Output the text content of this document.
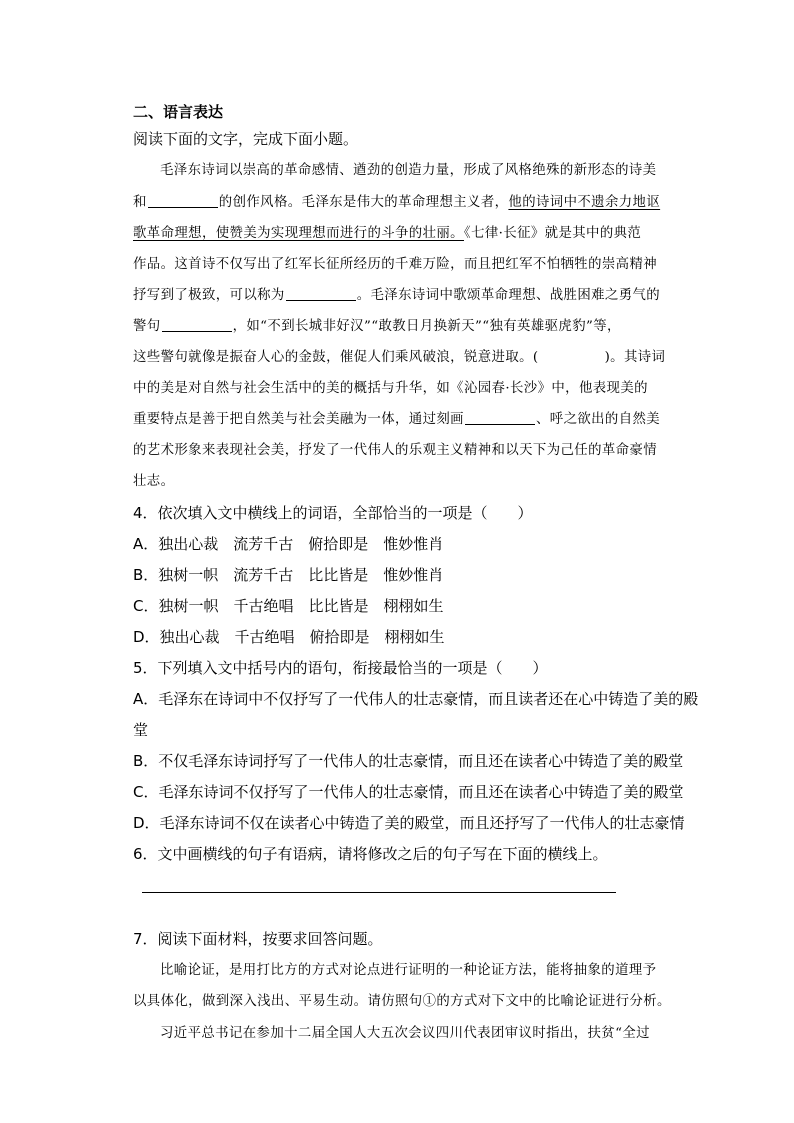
二、语言表达
阅读下面的文字，完成下面小题。
毛泽东诗词以崇高的革命感情、遒劲的创造力量，形成了风格绝殊的新形态的诗美
和	的创作风格。毛泽东是伟大的革命理想主义者，他的诗词中不遗余力地讴
歌革命理想，使赞美为实现理想而进行的斗争的壮丽。《七律·长征》就是其中的典范
作品。这首诗不仅写出了红军长征所经历的千难万险，而且把红军不怕牺牲的崇高精神
抒写到了极致，可以称为	。毛泽东诗词中歌颂革命理想、战胜困难之勇气的
警句	，如“不到长城非好汉”“敢教日月换新天”“独有英雄驱虎豹”等，
这些警句就像是振奋人心的金鼓，催促人们乘风破浪，锐意进取。(	)。其诗词
中的美是对自然与社会生活中的美的概括与升华，如《沁园春·长沙》中，他表现美的
重要特点是善于把自然美与社会美融为一体，通过刻画	、呼之欲出的自然美
的艺术形象来表现社会美，抒发了一代伟人的乐观主义精神和以天下为己任的革命豪情
壮志。
4．依次填入文中横线上的词语，全部恰当的一项是（　　）
A．独出心裁　流芳千古　俯拾即是　惟妙惟肖
B．独树一帜　流芳千古　比比皆是　惟妙惟肖
C．独树一帜　千古绝唱　比比皆是　栩栩如生
D．独出心裁　千古绝唱　俯拾即是　栩栩如生
5．下列填入文中括号内的语句，衔接最恰当的一项是（　　）
A．毛泽东在诗词中不仅抒写了一代伟人的壮志豪情，而且读者还在心中铸造了美的殿
堂
B．不仅毛泽东诗词抒写了一代伟人的壮志豪情，而且还在读者心中铸造了美的殿堂
C．毛泽东诗词不仅抒写了一代伟人的壮志豪情，而且还在读者心中铸造了美的殿堂
D．毛泽东诗词不仅在读者心中铸造了美的殿堂，而且还抒写了一代伟人的壮志豪情
6．文中画横线的句子有语病，请将修改之后的句子写在下面的横线上。
7．阅读下面材料，按要求回答问题。
比喻论证，是用打比方的方式对论点进行证明的一种论证方法，能将抽象的道理予
以具体化，做到深入浅出、平易生动。请仿照句①的方式对下文中的比喻论证进行分析。
习近平总书记在参加十二届全国人大五次会议四川代表团审议时指出，扶贫“全过
